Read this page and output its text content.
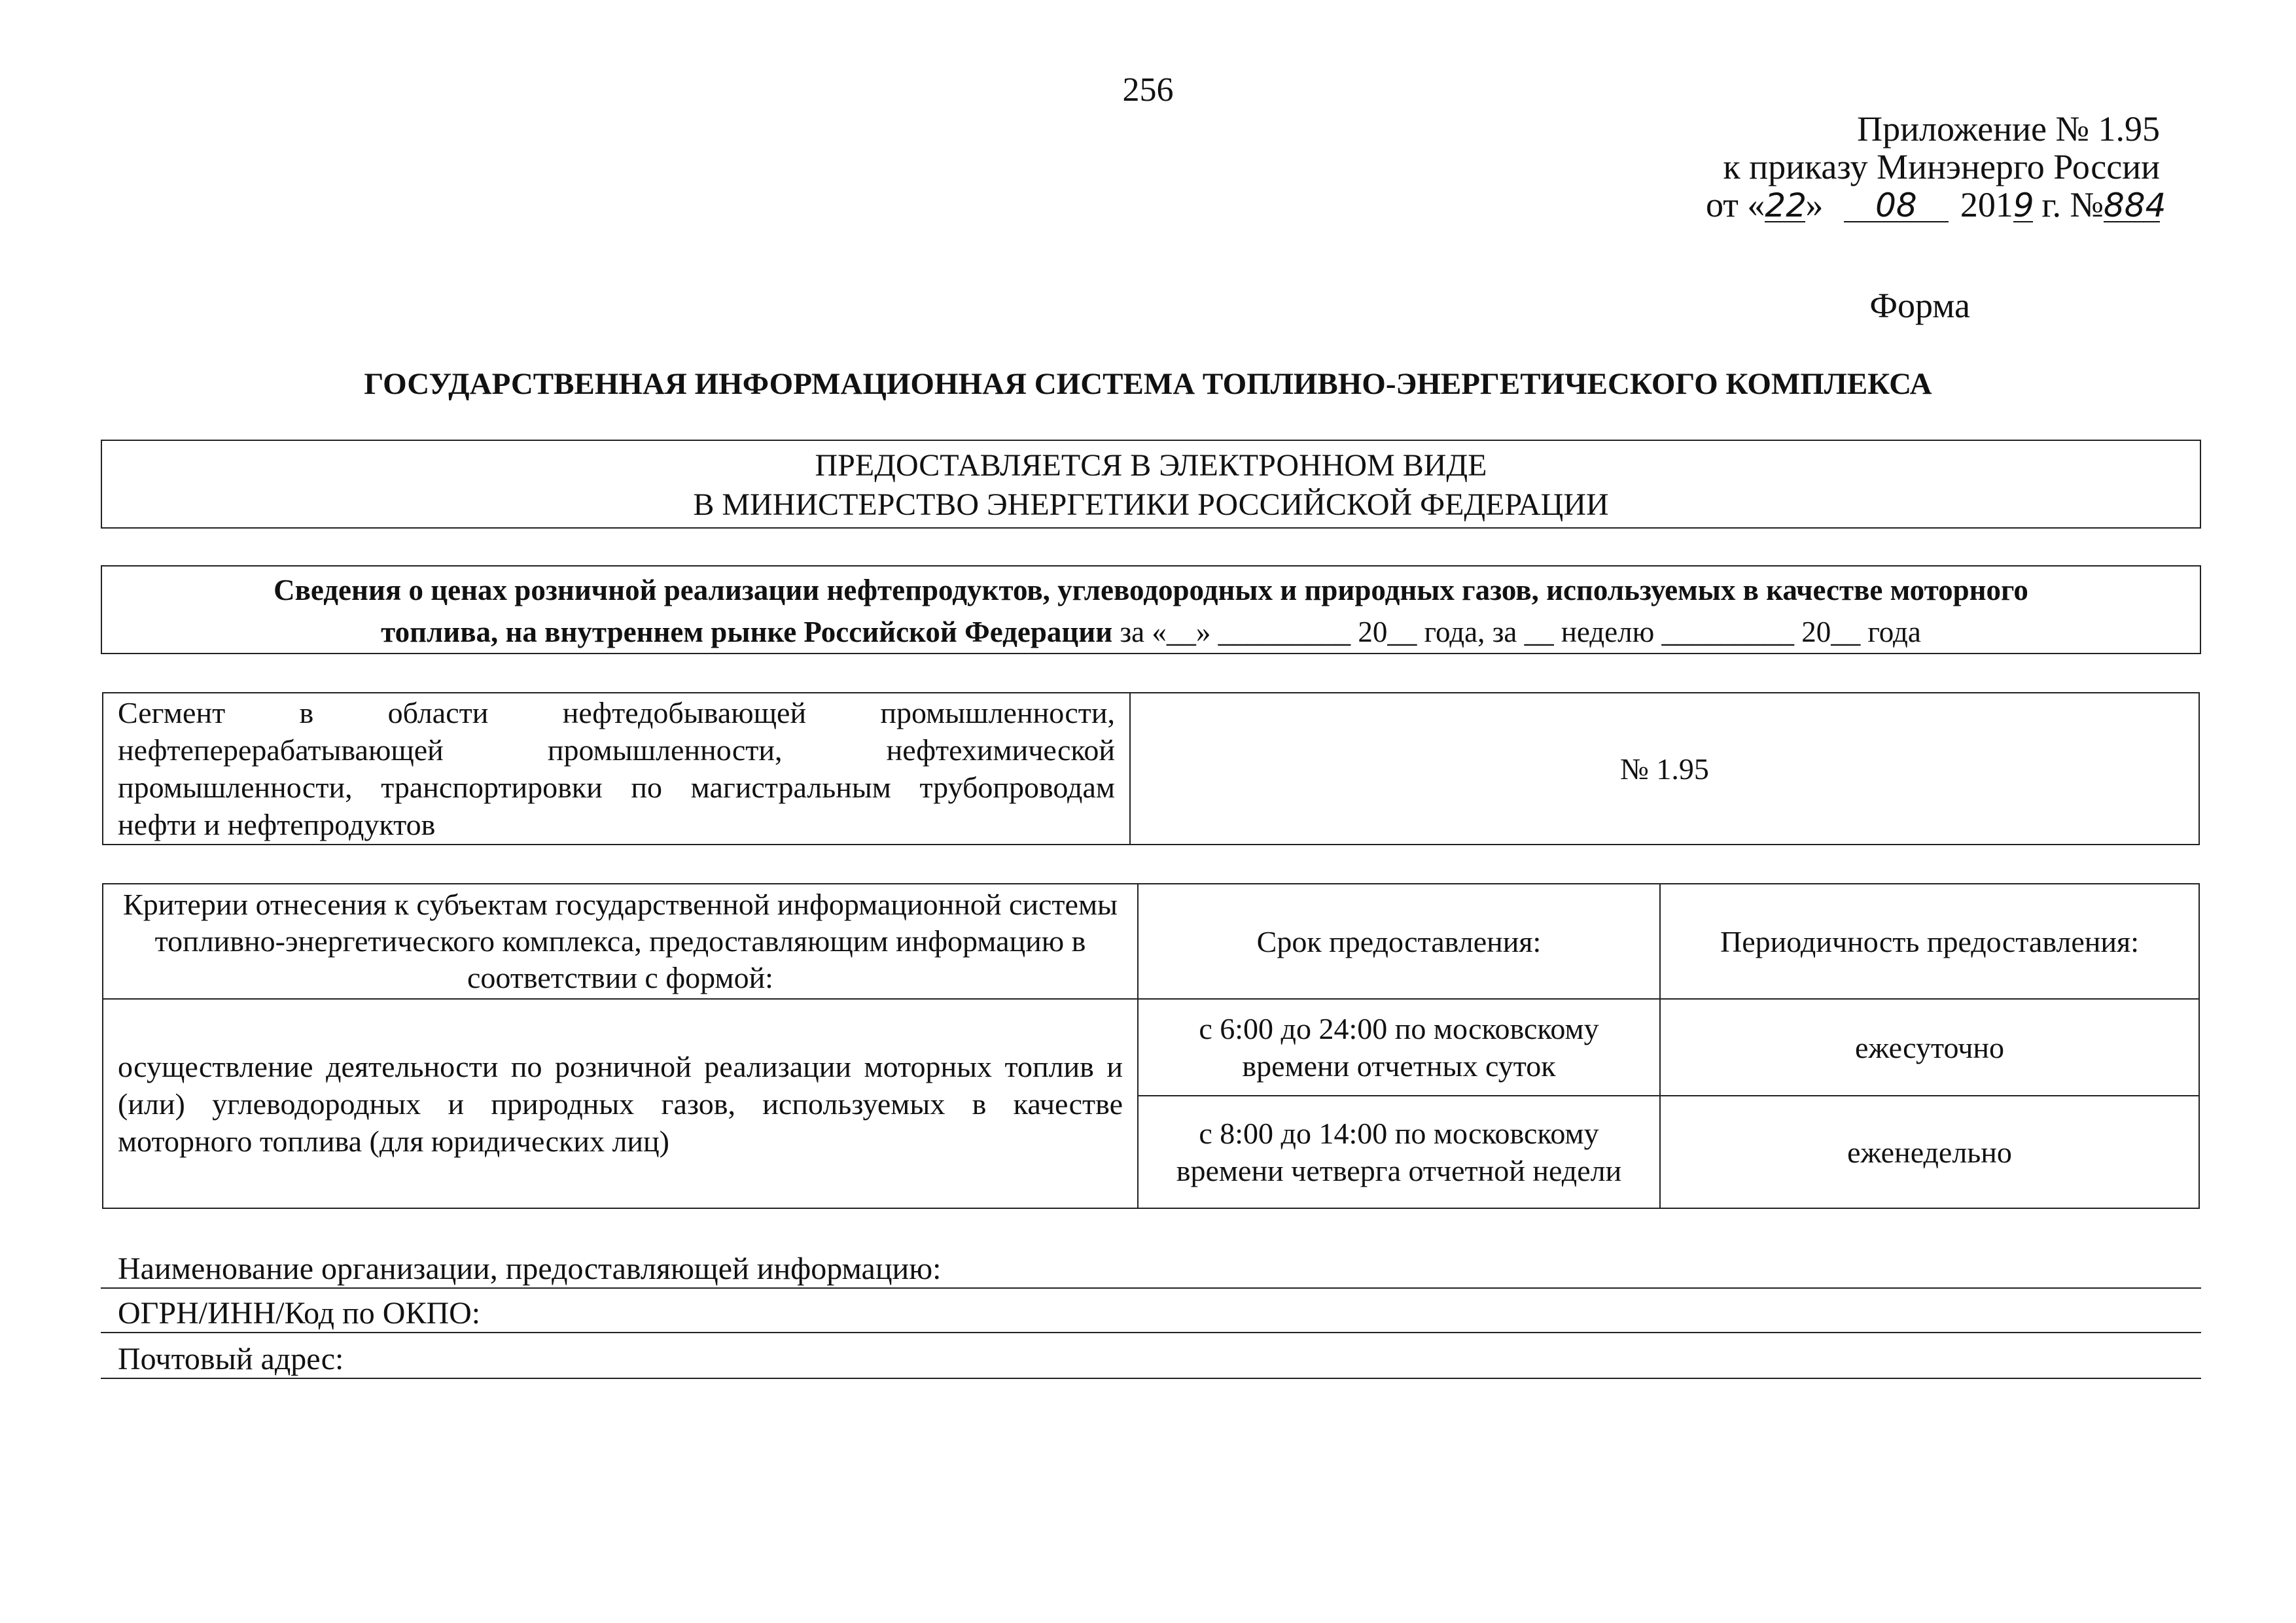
256
Приложение № 1.95
к приказу Минэнерго России
от «22» 08 2019 г. №884
Форма
ГОСУДАРСТВЕННАЯ ИНФОРМАЦИОННАЯ СИСТЕМА ТОПЛИВНО-ЭНЕРГЕТИЧЕСКОГО КОМПЛЕКСА
ПРЕДОСТАВЛЯЕТСЯ В ЭЛЕКТРОННОМ ВИДЕ
В МИНИСТЕРСТВО ЭНЕРГЕТИКИ РОССИЙСКОЙ ФЕДЕРАЦИИ
Сведения о ценах розничной реализации нефтепродуктов, углеводородных и природных газов, используемых в качестве моторного
топлива, на внутреннем рынке Российской Федерации за «__» _________ 20__ года, за __ неделю _________ 20__ года
Сегмент в области нефтедобывающей промышленности, нефтеперерабатывающей промышленности, нефтехимической промышленности, транспортировки по магистральным трубопроводам нефти и нефтепродуктов	№ 1.95
Критерии отнесения к субъектам государственной информационной системы топливно-энергетического комплекса, предоставляющим информацию в соответствии с формой:	Срок предоставления:	Периодичность предоставления:
осуществление деятельности по розничной реализации моторных топлив и (или) углеводородных и природных газов, используемых в качестве моторного топлива (для юридических лиц)	с 6:00 до 24:00 по московскому времени отчетных суток	ежесуточно
	с 8:00 до 14:00 по московскому времени четверга отчетной недели	еженедельно
Наименование организации, предоставляющей информацию:
ОГРН/ИНН/Код по ОКПО:
Почтовый адрес:
